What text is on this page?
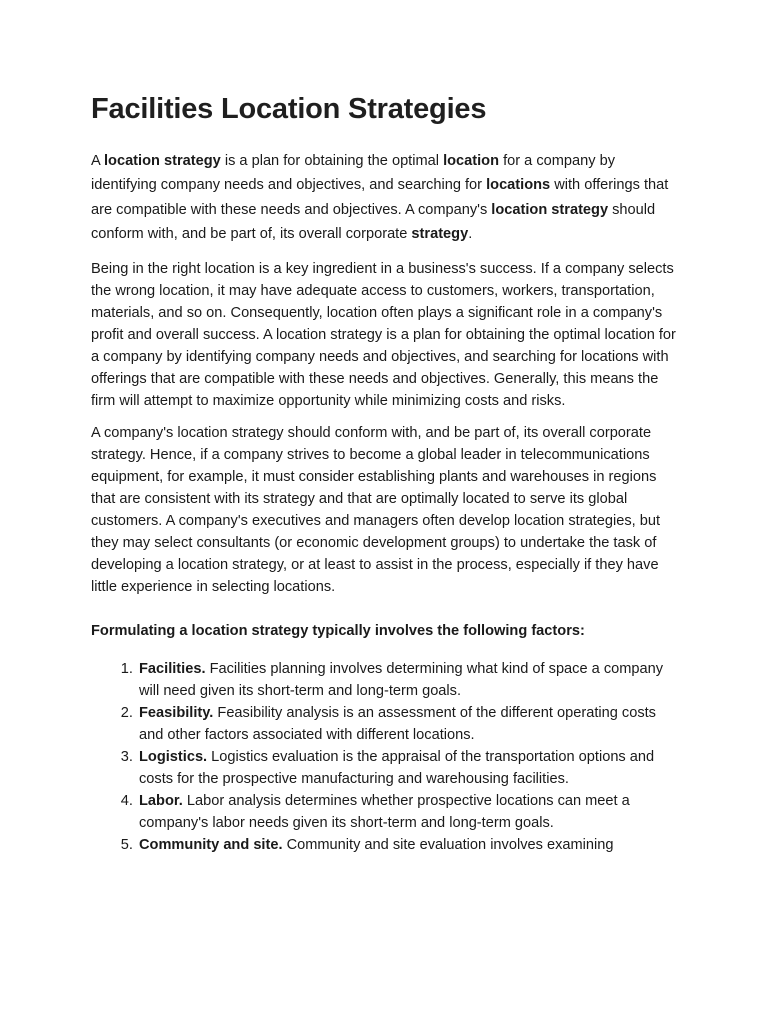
Facilities Location Strategies

A location strategy is a plan for obtaining the optimal location for a company by identifying company needs and objectives, and searching for locations with offerings that are compatible with these needs and objectives. A company's location strategy should conform with, and be part of, its overall corporate strategy.

Being in the right location is a key ingredient in a business's success. If a company selects the wrong location, it may have adequate access to customers, workers, transportation, materials, and so on. Consequently, location often plays a significant role in a company's profit and overall success. A location strategy is a plan for obtaining the optimal location for a company by identifying company needs and objectives, and searching for locations with offerings that are compatible with these needs and objectives. Generally, this means the firm will attempt to maximize opportunity while minimizing costs and risks.

A company's location strategy should conform with, and be part of, its overall corporate strategy. Hence, if a company strives to become a global leader in telecommunications equipment, for example, it must consider establishing plants and warehouses in regions that are consistent with its strategy and that are optimally located to serve its global customers. A company's executives and managers often develop location strategies, but they may select consultants (or economic development groups) to undertake the task of developing a location strategy, or at least to assist in the process, especially if they have little experience in selecting locations.

Formulating a location strategy typically involves the following factors:

1. Facilities. Facilities planning involves determining what kind of space a company will need given its short-term and long-term goals.
2. Feasibility. Feasibility analysis is an assessment of the different operating costs and other factors associated with different locations.
3. Logistics. Logistics evaluation is the appraisal of the transportation options and costs for the prospective manufacturing and warehousing facilities.
4. Labor. Labor analysis determines whether prospective locations can meet a company's labor needs given its short-term and long-term goals.
5. Community and site. Community and site evaluation involves examining
